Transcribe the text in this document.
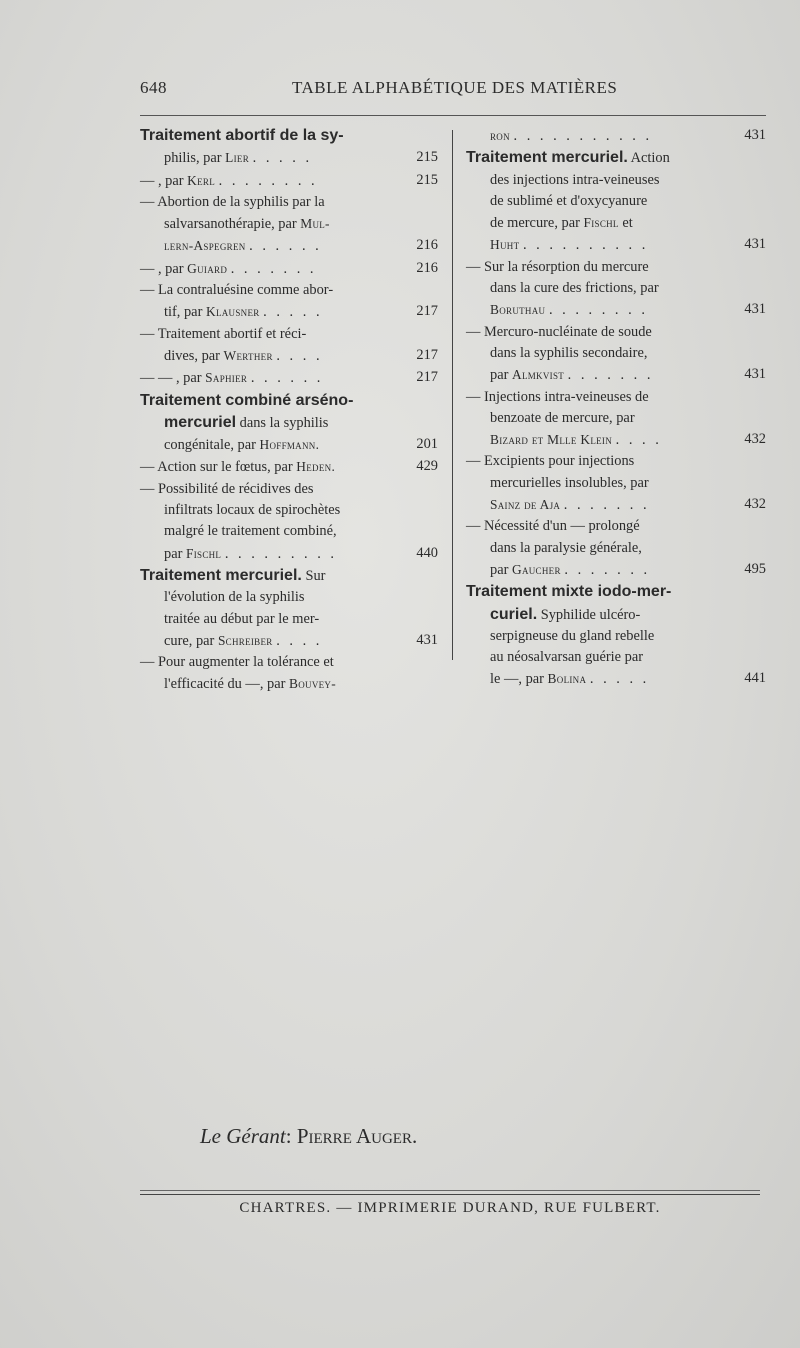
648	TABLE ALPHABÉTIQUE DES MATIÈRES
Traitement abortif de la sy-
philis, par Lier . . . . .	215
— , par Kerl . . . . . . . .	215
— Abortion de la syphilis par la
salvarsanothérapie, par Mul-
lern-Aspegren . . . . . .	216
— , par Guiard . . . . . . .	216
— La contraluésine comme abor-
tif, par Klausner . . . . .	217
— Traitement abortif et réci-
dives, par Werther . . . .	217
— — , par Saphier . . . . . .	217
Traitement combiné arséno-
mercuriel dans la syphilis
congénitale, par Hoffmann.	201
— Action sur le fœtus, par Heden.	429
— Possibilité de récidives des
infiltrats locaux de spirochètes
malgré le traitement combiné,
par Fischl . . . . . . . . .	440
Traitement mercuriel. Sur
l'évolution de la syphilis
traitée au début par le mer-
cure, par Schreiber . . . .	431
— Pour augmenter la tolérance et
l'efficacité du —, par Bouvey-
ron . . . . . . . . . . .	431
Traitement mercuriel. Action
des injections intra-veineuses
de sublimé et d'oxycyanure
de mercure, par Fischl et
Huht . . . . . . . . . .	431
— Sur la résorption du mercure
dans la cure des frictions, par
Boruthau . . . . . . . .	431
— Mercuro-nucléinate de soude
dans la syphilis secondaire,
par Almkvist . . . . . . .	431
— Injections intra-veineuses de
benzoate de mercure, par
Bizard et Mlle Klein . . . .	432
— Excipients pour injections
mercurielles insolubles, par
Sainz de Aja . . . . . . .	432
— Nécessité d'un — prolongé
dans la paralysie générale,
par Gaucher . . . . . . .	495
Traitement mixte iodo-mer-
curiel. Syphilide ulcéro-
serpigneuse du gland rebelle
au néosalvarsan guérie par
le —, par Bolina . . . . .	441
Le Gérant: Pierre Auger.
CHARTRES. — IMPRIMERIE DURAND, RUE FULBERT.
